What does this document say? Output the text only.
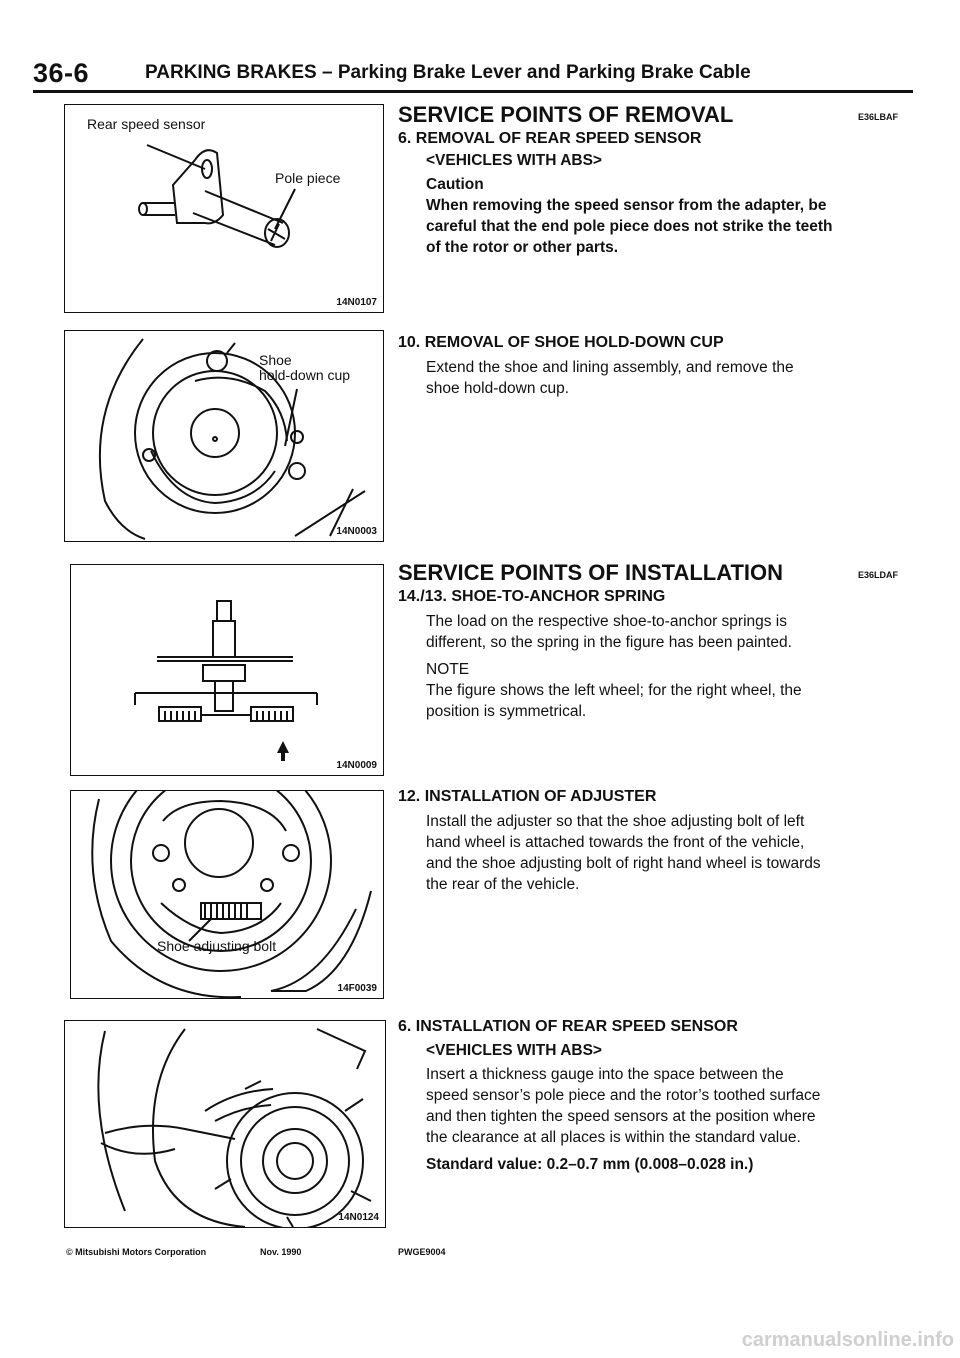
36-6	PARKING BRAKES – Parking Brake Lever and Parking Brake Cable
Rear speed sensor
Pole piece
14N0107
Shoe
hold-down cup
14N0003
14N0009
Shoe adjusting bolt
14F0039
14N0124
SERVICE POINTS OF REMOVAL	E36LBAF
6. REMOVAL OF REAR SPEED SENSOR
<VEHICLES WITH ABS>
Caution
When removing the speed sensor from the adapter, be
careful that the end pole piece does not strike the teeth
of the rotor or other parts.
10. REMOVAL OF SHOE HOLD-DOWN CUP
Extend the shoe and lining assembly, and remove the
shoe hold-down cup.
SERVICE POINTS OF INSTALLATION	E36LDAF
14./13. SHOE-TO-ANCHOR SPRING
The load on the respective shoe-to-anchor springs is
different, so the spring in the figure has been painted.
NOTE
The figure shows the left wheel; for the right wheel, the
position is symmetrical.
12. INSTALLATION OF ADJUSTER
Install the adjuster so that the shoe adjusting bolt of left
hand wheel is attached towards the front of the vehicle,
and the shoe adjusting bolt of right hand wheel is towards
the rear of the vehicle.
6. INSTALLATION OF REAR SPEED SENSOR
<VEHICLES WITH ABS>
Insert a thickness gauge into the space between the
speed sensor’s pole piece and the rotor’s toothed surface
and then tighten the speed sensors at the position where
the clearance at all places is within the standard value.
Standard value: 0.2–0.7 mm (0.008–0.028 in.)
© Mitsubishi Motors Corporation	Nov. 1990	PWGE9004
carmanualsonline.info
